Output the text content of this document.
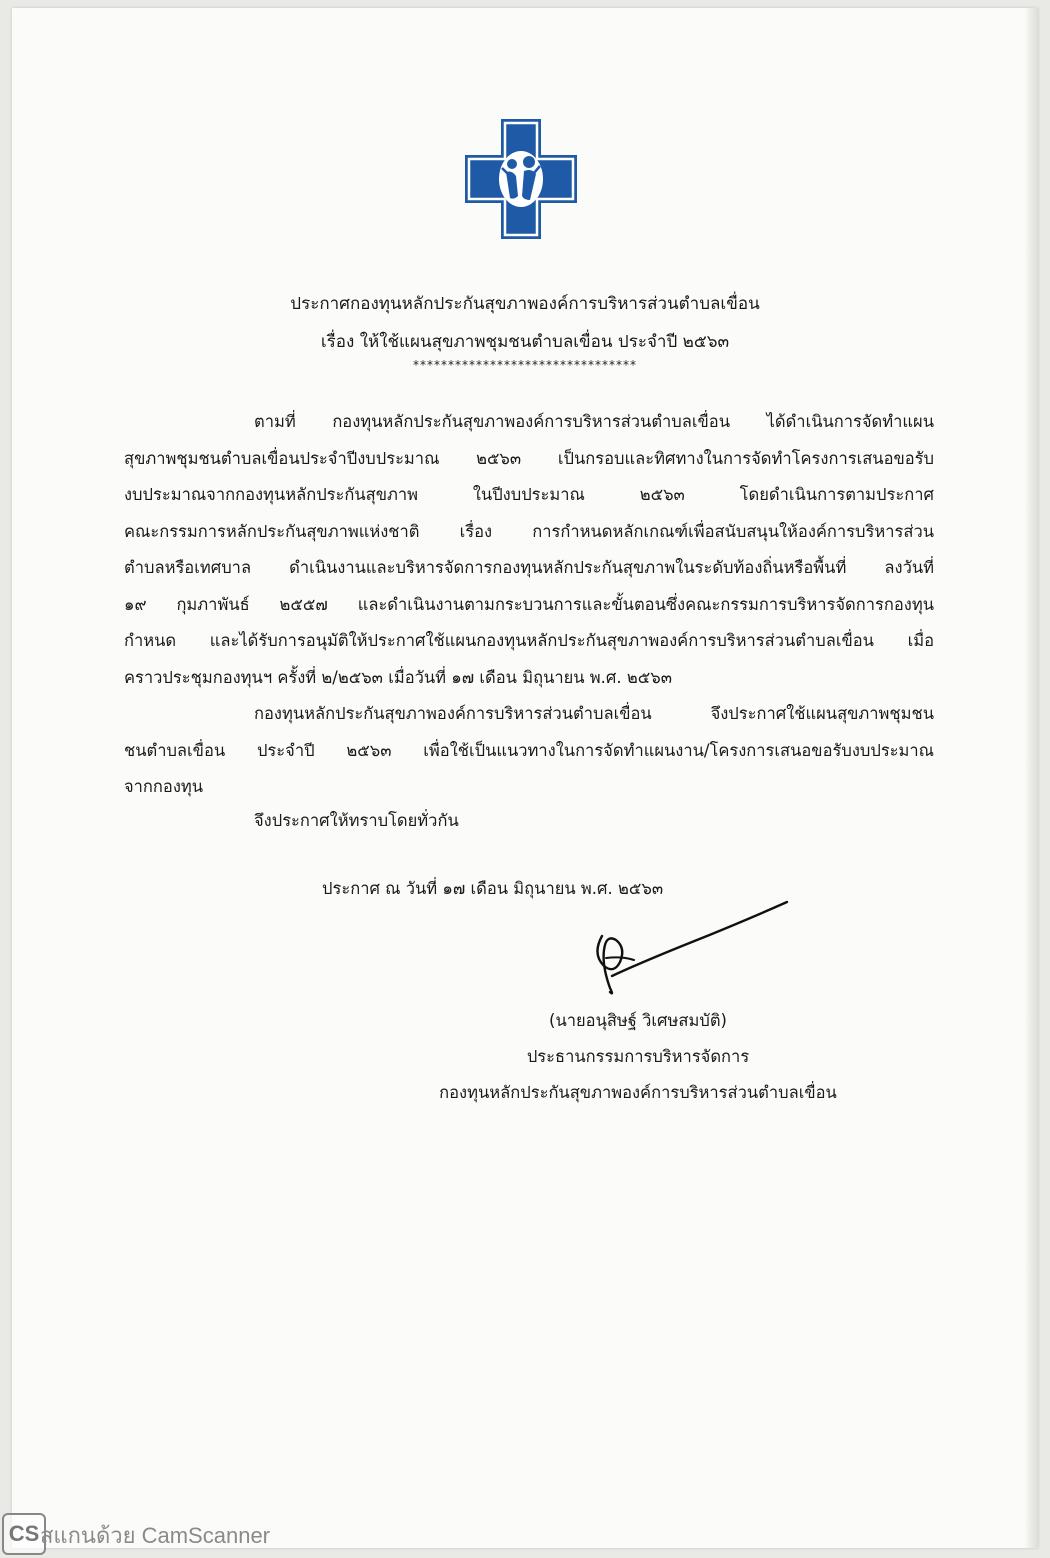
ประกาศกองทุนหลักประกันสุขภาพองค์การบริหารส่วนตำบลเขื่อน
เรื่อง ให้ใช้แผนสุขภาพชุมชนตำบลเขื่อน ประจำปี ๒๕๖๓
********************************
ตามที่ กองทุนหลักประกันสุขภาพองค์การบริหารส่วนตำบลเขื่อน ได้ดำเนินการจัดทำแผน
สุขภาพชุมชนตำบลเขื่อนประจำปีงบประมาณ ๒๕๖๓ เป็นกรอบและทิศทางในการจัดทำโครงการเสนอขอรับ
งบประมาณจากกองทุนหลักประกันสุขภาพ ในปีงบประมาณ ๒๕๖๓ โดยดำเนินการตามประกาศ
คณะกรรมการหลักประกันสุขภาพแห่งชาติ เรื่อง การกำหนดหลักเกณฑ์เพื่อสนับสนุนให้องค์การบริหารส่วน
ตำบลหรือเทศบาล ดำเนินงานและบริหารจัดการกองทุนหลักประกันสุขภาพในระดับท้องถิ่นหรือพื้นที่ ลงวันที่
๑๙ กุมภาพันธ์ ๒๕๕๗ และดำเนินงานตามกระบวนการและขั้นตอนซึ่งคณะกรรมการบริหารจัดการกองทุน
กำหนด และได้รับการอนุมัติให้ประกาศใช้แผนกองทุนหลักประกันสุขภาพองค์การบริหารส่วนตำบลเขื่อน เมื่อ
คราวประชุมกองทุนฯ ครั้งที่ ๒/๒๕๖๓ เมื่อวันที่ ๑๗ เดือน มิถุนายน พ.ศ. ๒๕๖๓
กองทุนหลักประกันสุขภาพองค์การบริหารส่วนตำบลเขื่อน จึงประกาศใช้แผนสุขภาพชุมชน
ชนตำบลเขื่อน ประจำปี ๒๕๖๓ เพื่อใช้เป็นแนวทางในการจัดทำแผนงาน/โครงการเสนอขอรับงบประมาณ
จากกองทุน
จึงประกาศให้ทราบโดยทั่วกัน
ประกาศ ณ วันที่ ๑๗ เดือน มิถุนายน พ.ศ. ๒๕๖๓
(นายอนุสิษฐ์ วิเศษสมบัติ)
ประธานกรรมการบริหารจัดการ
กองทุนหลักประกันสุขภาพองค์การบริหารส่วนตำบลเขื่อน
CS สแกนด้วย CamScanner
